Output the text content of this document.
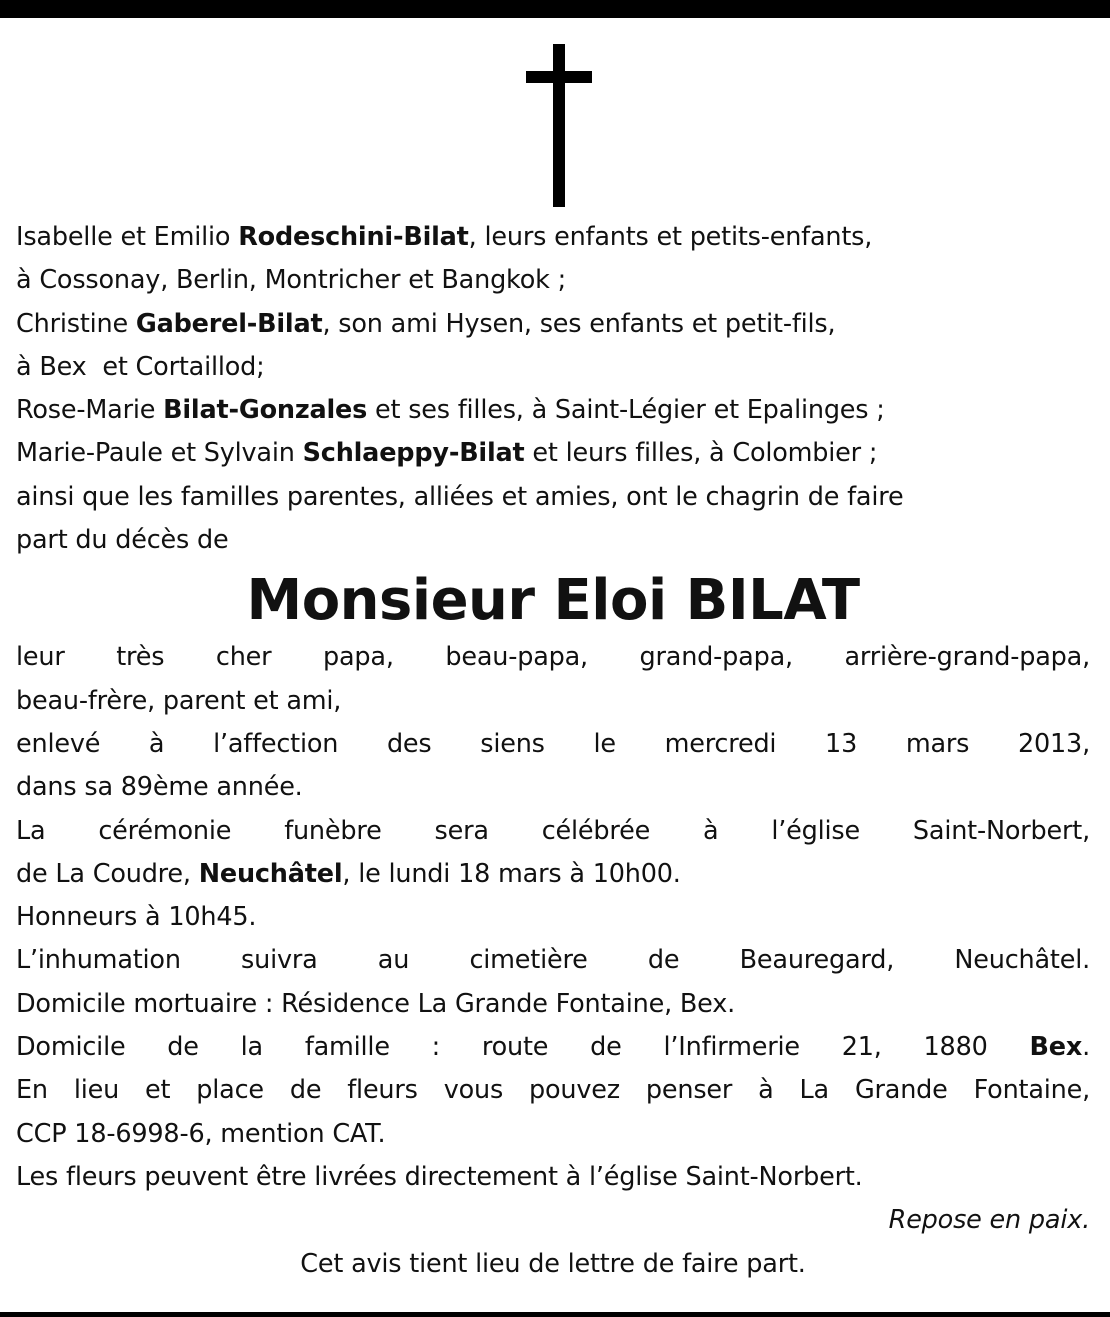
Isabelle et Emilio Rodeschini-Bilat, leurs enfants et petits-enfants,
à Cossonay, Berlin, Montricher et Bangkok ;
Christine Gaberel-Bilat, son ami Hysen, ses enfants et petit-fils,
à Bex  et Cortaillod;
Rose-Marie Bilat-Gonzales et ses filles, à Saint-Légier et Epalinges ;
Marie-Paule et Sylvain Schlaeppy-Bilat et leurs filles, à Colombier ;
ainsi que les familles parentes, alliées et amies, ont le chagrin de faire
part du décès de
Monsieur Eloi BILAT
leur très cher papa, beau-papa, grand-papa, arrière-grand-papa,
beau-frère, parent et ami,
enlevé à l’affection des siens le mercredi 13 mars 2013,
dans sa 89ème année.
La cérémonie funèbre sera célébrée à l’église Saint-Norbert,
de La Coudre, Neuchâtel, le lundi 18 mars à 10h00.
Honneurs à 10h45.
L’inhumation suivra au cimetière de Beauregard, Neuchâtel.
Domicile mortuaire : Résidence La Grande Fontaine, Bex.
Domicile de la famille : route de l’Infirmerie 21, 1880 Bex.
En lieu et place de fleurs vous pouvez penser à La Grande Fontaine,
CCP 18-6998-6, mention CAT.
Les fleurs peuvent être livrées directement à l’église Saint-Norbert.
Repose en paix.
Cet avis tient lieu de lettre de faire part.
